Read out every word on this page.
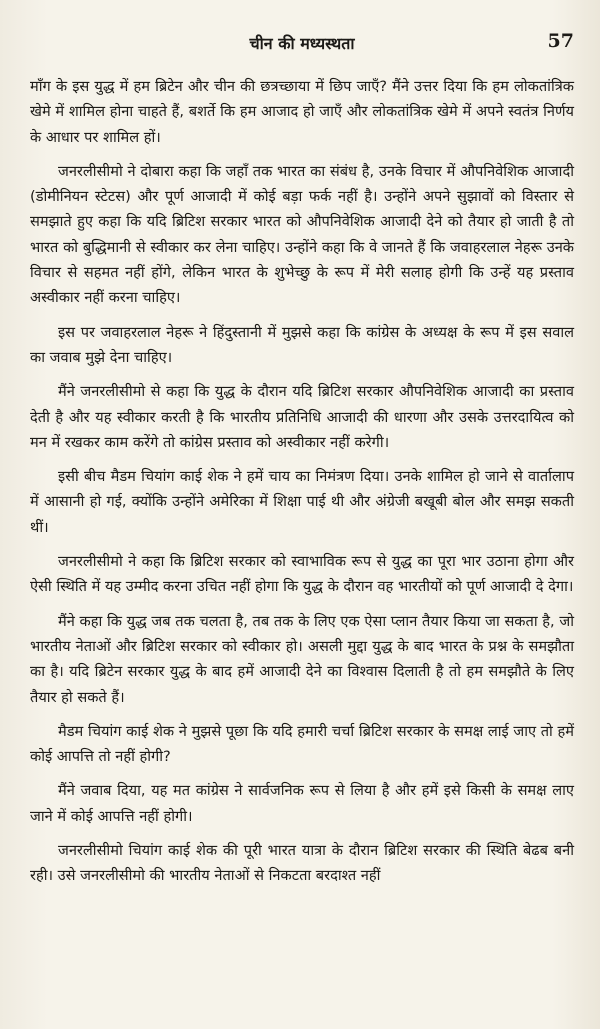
चीन की मध्यस्थता	57

माँग के इस युद्ध में हम ब्रिटेन और चीन की छत्रच्छाया में छिप जाएँ? मैंने उत्तर दिया कि हम लोकतांत्रिक खेमे में शामिल होना चाहते हैं, बशर्ते कि हम आजाद हो जाएँ और लोकतांत्रिक खेमे में अपने स्वतंत्र निर्णय के आधार पर शामिल हों।

जनरलीसीमो ने दोबारा कहा कि जहाँ तक भारत का संबंध है, उनके विचार में औपनिवेशिक आजादी (डोमीनियन स्टेटस) और पूर्ण आजादी में कोई बड़ा फर्क नहीं है। उन्होंने अपने सुझावों को विस्तार से समझाते हुए कहा कि यदि ब्रिटिश सरकार भारत को औपनिवेशिक आजादी देने को तैयार हो जाती है तो भारत को बुद्धिमानी से स्वीकार कर लेना चाहिए। उन्होंने कहा कि वे जानते हैं कि जवाहरलाल नेहरू उनके विचार से सहमत नहीं होंगे, लेकिन भारत के शुभेच्छु के रूप में मेरी सलाह होगी कि उन्हें यह प्रस्ताव अस्वीकार नहीं करना चाहिए।

इस पर जवाहरलाल नेहरू ने हिंदुस्तानी में मुझसे कहा कि कांग्रेस के अध्यक्ष के रूप में इस सवाल का जवाब मुझे देना चाहिए।

मैंने जनरलीसीमो से कहा कि युद्ध के दौरान यदि ब्रिटिश सरकार औपनिवेशिक आजादी का प्रस्ताव देती है और यह स्वीकार करती है कि भारतीय प्रतिनिधि आजादी की धारणा और उसके उत्तरदायित्व को मन में रखकर काम करेंगे तो कांग्रेस प्रस्ताव को अस्वीकार नहीं करेगी।

इसी बीच मैडम चियांग काई शेक ने हमें चाय का निमंत्रण दिया। उनके शामिल हो जाने से वार्तालाप में आसानी हो गई, क्योंकि उन्होंने अमेरिका में शिक्षा पाई थी और अंग्रेजी बखूबी बोल और समझ सकती थीं।

जनरलीसीमो ने कहा कि ब्रिटिश सरकार को स्वाभाविक रूप से युद्ध का पूरा भार उठाना होगा और ऐसी स्थिति में यह उम्मीद करना उचित नहीं होगा कि युद्ध के दौरान वह भारतीयों को पूर्ण आजादी दे देगा।

मैंने कहा कि युद्ध जब तक चलता है, तब तक के लिए एक ऐसा प्लान तैयार किया जा सकता है, जो भारतीय नेताओं और ब्रिटिश सरकार को स्वीकार हो। असली मुद्दा युद्ध के बाद भारत के प्रश्न के समझौता का है। यदि ब्रिटेन सरकार युद्ध के बाद हमें आजादी देने का विश्वास दिलाती है तो हम समझौते के लिए तैयार हो सकते हैं।

मैडम चियांग काई शेक ने मुझसे पूछा कि यदि हमारी चर्चा ब्रिटिश सरकार के समक्ष लाई जाए तो हमें कोई आपत्ति तो नहीं होगी?

मैंने जवाब दिया, यह मत कांग्रेस ने सार्वजनिक रूप से लिया है और हमें इसे किसी के समक्ष लाए जाने में कोई आपत्ति नहीं होगी।

जनरलीसीमो चियांग काई शेक की पूरी भारत यात्रा के दौरान ब्रिटिश सरकार की स्थिति बेढब बनी रही। उसे जनरलीसीमो की भारतीय नेताओं से निकटता बरदाश्त नहीं
